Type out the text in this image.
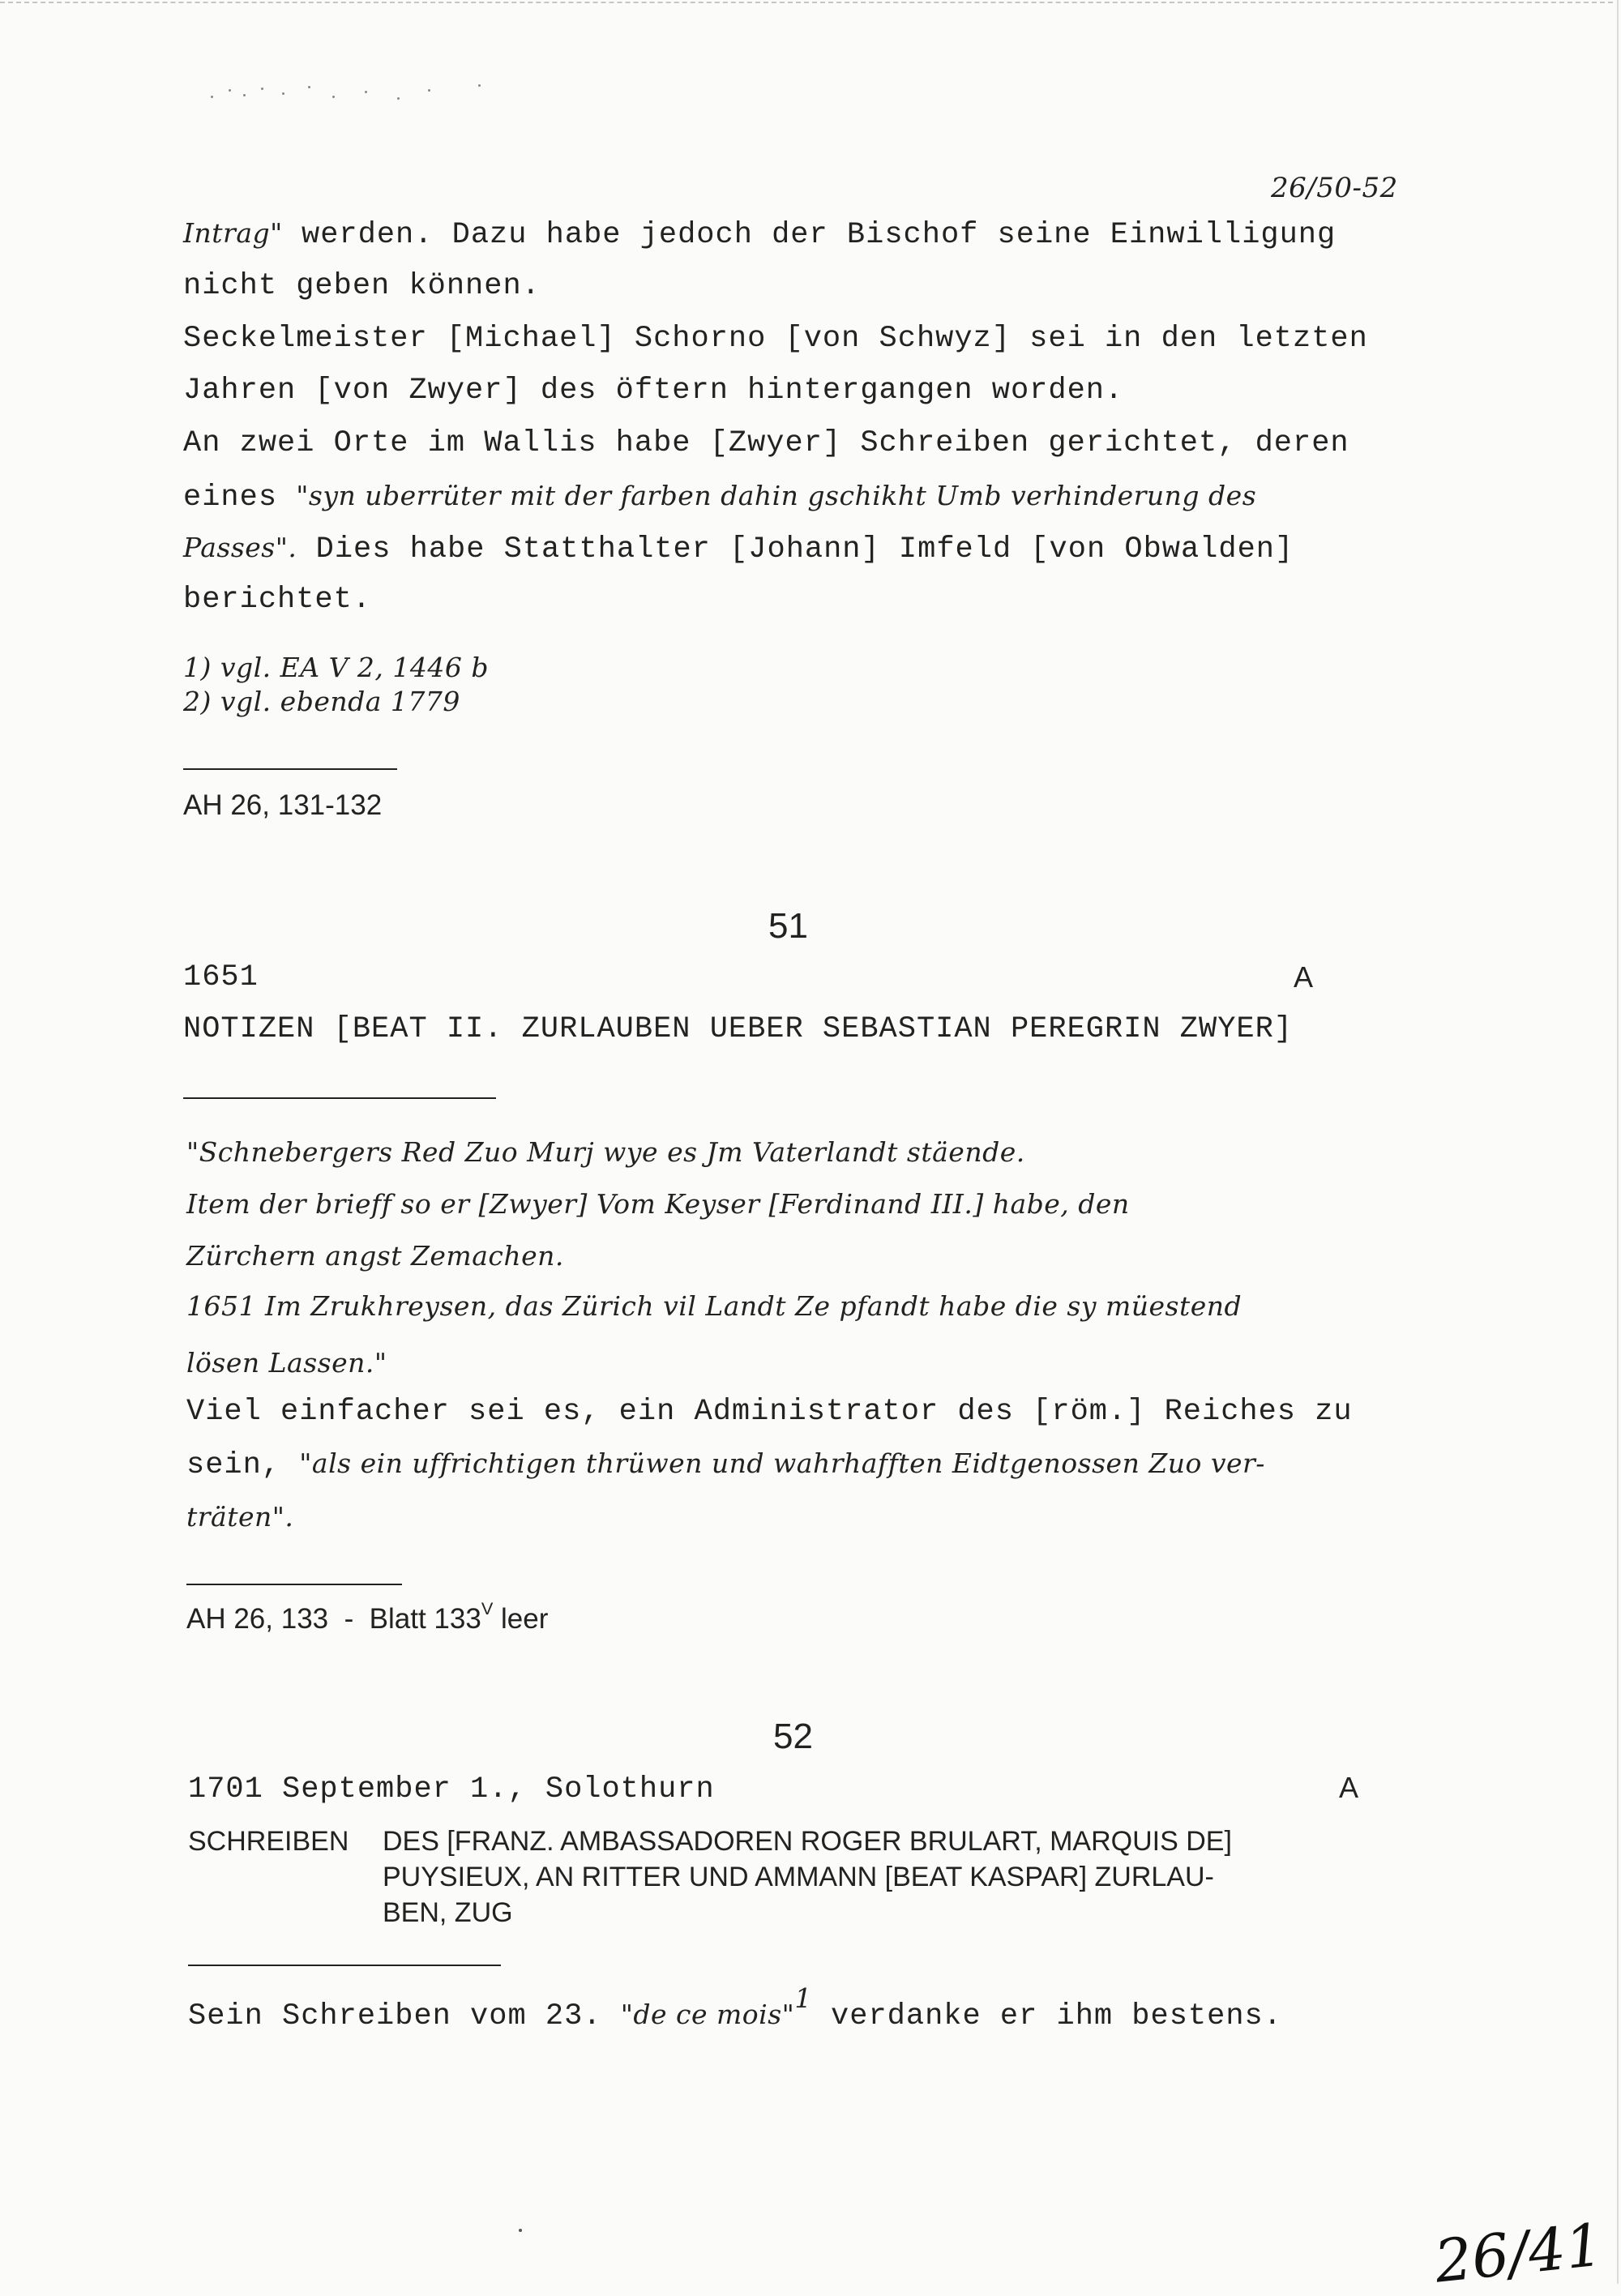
26/50-52
Intrag" werden. Dazu habe jedoch der Bischof seine Einwilligung
nicht geben können.
Seckelmeister [Michael] Schorno [von Schwyz] sei in den letzten
Jahren [von Zwyer] des öftern hintergangen worden.
An zwei Orte im Wallis habe [Zwyer] Schreiben gerichtet, deren
eines "syn uberrüter mit der farben dahin gschikht Umb verhinderung des
Passes". Dies habe Statthalter [Johann] Imfeld [von Obwalden]
berichtet.
1) vgl. EA V 2, 1446 b
2) vgl. ebenda 1779
AH 26, 131-132
51
1651	A
NOTIZEN [BEAT II. ZURLAUBEN UEBER SEBASTIAN PEREGRIN ZWYER]
"Schnebergers Red Zuo Murj wye es Jm Vaterlandt stäende.
Item der brieff so er [Zwyer] Vom Keyser [Ferdinand III.] habe, den
Zürchern angst Zemachen.
1651 Im Zrukhreysen, das Zürich vil Landt Ze pfandt habe die sy müestend
lösen Lassen."
Viel einfacher sei es, ein Administrator des [röm.] Reiches zu
sein, "als ein uffrichtigen thrüwen und wahrhafften Eidtgenossen Zuo ver-
träten".
AH 26, 133  -  Blatt $133^V$ leer
52
1701 September 1., Solothurn	A
SCHREIBEN DES [FRANZ. AMBASSADOREN ROGER BRULART, MARQUIS DE]
PUYSIEUX, AN RITTER UND AMMANN [BEAT KASPAR] ZURLAU-
BEN, ZUG
Sein Schreiben vom 23. "de ce mois"$^1$ verdanke er ihm bestens.
26/41
